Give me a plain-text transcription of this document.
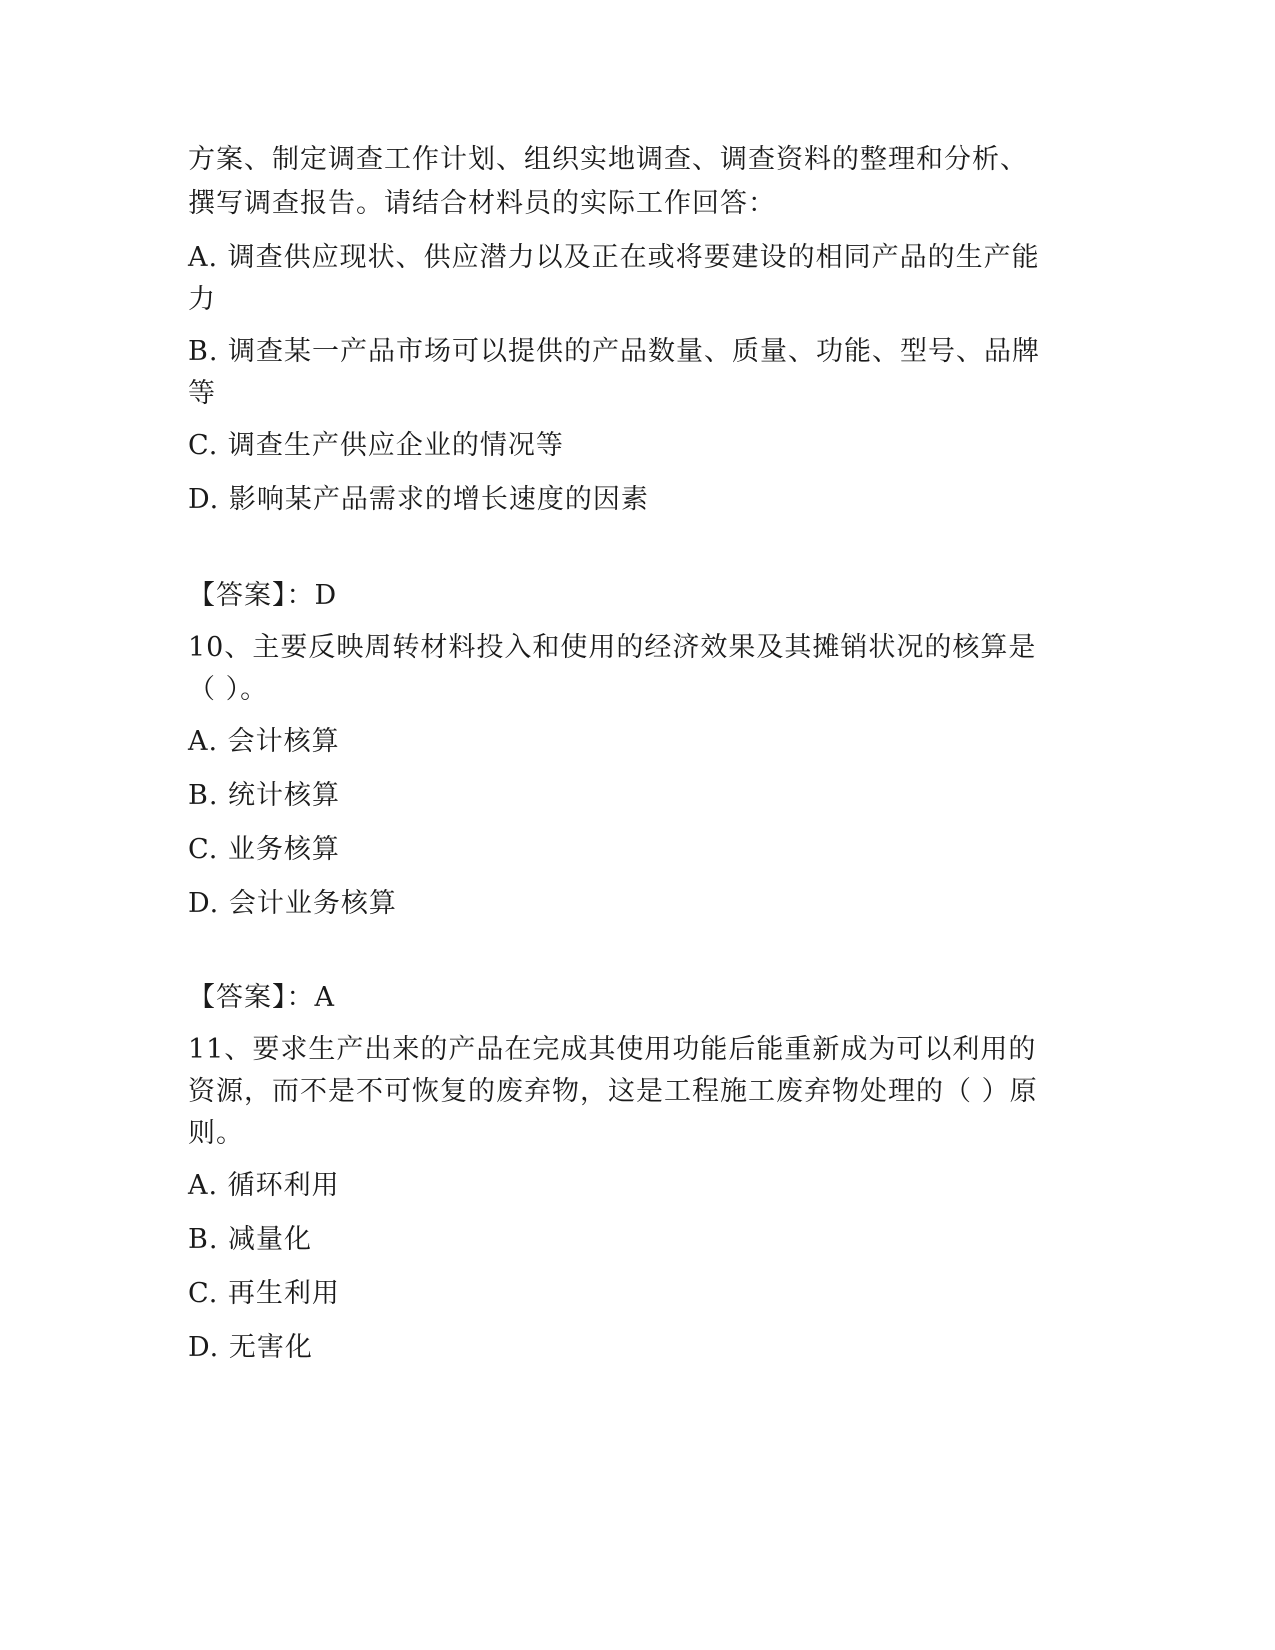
方案、制定调查工作计划、组织实地调查、调查资料的整理和分析、
撰写调查报告。请结合材料员的实际工作回答：
A. 调查供应现状、供应潜力以及正在或将要建设的相同产品的生产能
力
B. 调查某一产品市场可以提供的产品数量、质量、功能、型号、品牌
等
C. 调查生产供应企业的情况等
D. 影响某产品需求的增长速度的因素
【答案】：D
10、主要反映周转材料投入和使用的经济效果及其摊销状况的核算是
（ ）。
A. 会计核算
B. 统计核算
C. 业务核算
D. 会计业务核算
【答案】：A
11、要求生产出来的产品在完成其使用功能后能重新成为可以利用的
资源，而不是不可恢复的废弃物，这是工程施工废弃物处理的（ ）原
则。
A. 循环利用
B. 减量化
C. 再生利用
D. 无害化
